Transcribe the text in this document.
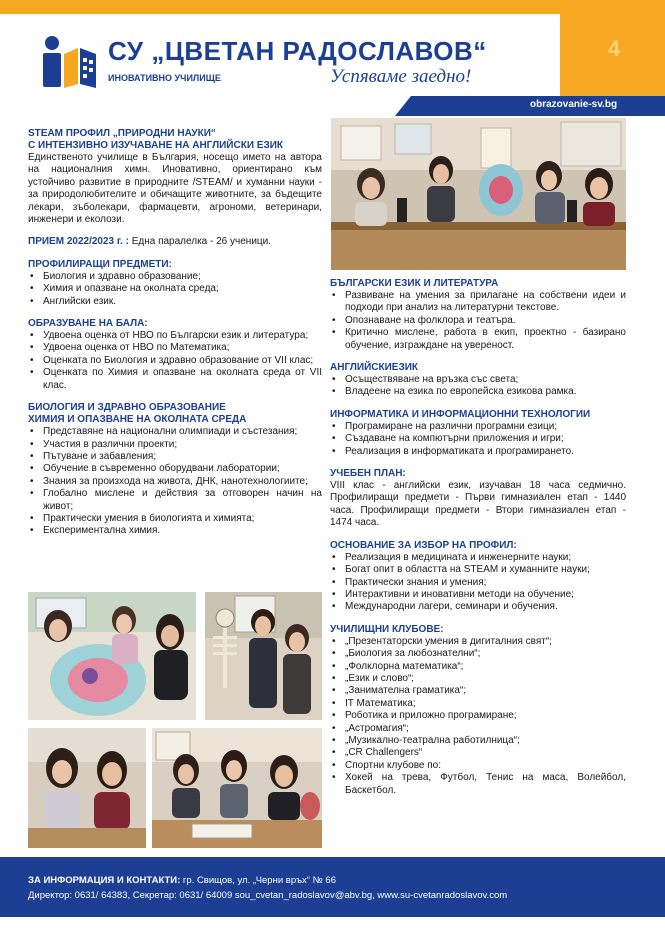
4
СУ „ЦВЕТАН РАДОСЛАВОВ“
ИНОВАТИВНО УЧИЛИЩЕ	Успяваме заедно!
obrazovanie-sv.bg
STEAM ПРОФИЛ „ПРИРОДНИ НАУКИ“
С ИНТЕНЗИВНО ИЗУЧАВАНЕ НА АНГЛИЙСКИ ЕЗИК
Единственото училище в България, носещо името на автора на националния химн. Иновативно, ориентирано към устойчиво развитие в природните /STEAM/ и хуманни науки - за природолюбителите и обичащите животните, за бъдещите лекари, зъболекари, фармацевти, агрономи, ветеринари, инженери и еколози.
ПРИЕМ 2022/2023 г. : Една паралелка - 26 ученици.
ПРОФИЛИРАЩИ ПРЕДМЕТИ:
• Биология и здравно образование;
• Химия и опазване на околната среда;
• Английски език.
ОБРАЗУВАНЕ НА БАЛА:
• Удвоена оценка от НВО по Български език и литература;
• Удвоена оценка от НВО по Математика;
• Оценката по Биология и здравно образование от VII клас;
• Оценката по Химия и опазване на околната среда от VII клас.
БИОЛОГИЯ И ЗДРАВНО ОБРАЗОВАНИЕ
ХИМИЯ И ОПАЗВАНЕ НА ОКОЛНАТА СРЕДА
• Представяне на национални олимпиади и състезания;
• Участия в различни проекти;
• Пътуване и забавления;
• Обучение в съвременно оборудвани лаборатории;
• Знания за произхода на живота, ДНК, нанотехнологиите;
• Глобално мислене и действия за отговорен начин на живот;
• Практически умения в биологията и химията;
• Експериментална химия.
БЪЛГАРСКИ ЕЗИК И ЛИТЕРАТУРА
• Развиване на умения за прилагане на собствени идеи и подходи при анализ на литературни текстове.
• Опознаване на фолклора и театъра.
• Критично мислене, работа в екип, проектно - базирано обучение, изграждане на увереност.
АНГЛИЙСКИЕЗИК
• Осъществяване на връзка със света;
• Владеене на езика по европейска езикова рамка.
ИНФОРМАТИКА И ИНФОРМАЦИОННИ ТЕХНОЛОГИИ
• Програмиране на различни програмни езици;
• Създаване на компютърни приложения и игри;
• Реализация в информатиката и програмирането.
УЧЕБЕН ПЛАН:
VIII клас - английски език, изучаван 18 часа седмично. Профилиращи предмети - Първи гимназиален етап - 1440 часа. Профилиращи предмети - Втори гимназиален етап - 1474 часа.
ОСНОВАНИЕ ЗА ИЗБОР НА ПРОФИЛ:
• Реализация в медицината и инженерните науки;
• Богат опит в областта на STEAM и хуманните науки;
• Практически знания и умения;
• Интерактивни и иновативни методи на обучение;
• Международни лагери, семинари и обучения.
УЧИЛИЩНИ КЛУБОВЕ:
• „Презентаторски умения в дигиталния свят“;
• „Биология за любознателни“;
• „Фолклорна математика“;
• „Език и слово“;
• „Занимателна граматика“;
• IT Математика;
• Роботика и приложно програмиране;
• „Астромагия“;
• „Музикално-театрална работилница“;
• „CR Challengers“
• Спортни клубове по:
• Хокей на трева, Футбол, Тенис на маса, Волейбол, Баскетбол.
ЗА ИНФОРМАЦИЯ И КОНТАКТИ: гр. Свищов, ул. „Черни връх“ № 66
Директор: 0631/ 64383, Секретар: 0631/ 64009 sou_cvetan_radoslavov@abv.bg, www.su-cvetanradoslavov.com
